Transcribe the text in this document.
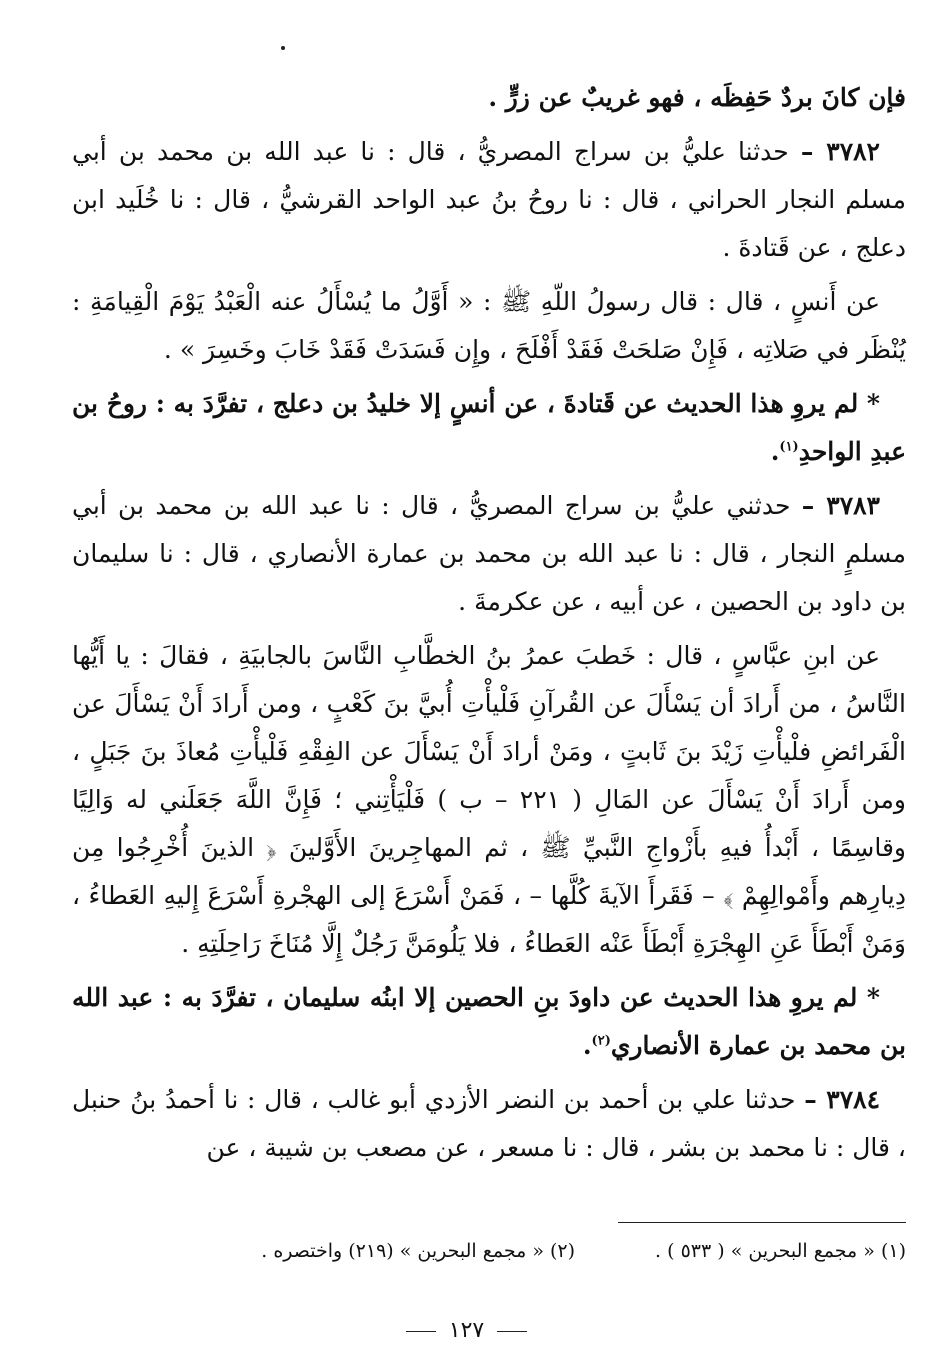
فإن كانَ بردٌ حَفِظَه ، فهو غريبٌ عن زرٍّ .

٣٧٨٢ – حدثنا عليُّ بن سراج المصريُّ ، قال : نا عبد الله بن محمد بن أبي مسلم النجار الحراني ، قال : نا روحُ بنُ عبد الواحد القرشيُّ ، قال : نا خُلَيد ابن دعلج ، عن قَتادةَ .

عن أَنسٍ ، قال : قال رسولُ اللّهِ ﷺ : « أَوَّلُ ما يُسْأَلُ عنه الْعَبْدُ يَوْمَ الْقِيامَةِ : يُنْظَر في صَلاتِه ، فَإِنْ صَلحَتْ فَقَدْ أَفْلَحَ ، وإِن فَسَدَتْ فَقَدْ خَابَ وخَسِرَ » .

* لم يروِ هذا الحديث عن قَتادةَ ، عن أنسٍ إلا خليدُ بن دعلج ، تفرَّدَ به : روحُ بن عبدِ الواحدِ$^{(١)}$.

٣٧٨٣ – حدثني عليُّ بن سراج المصريُّ ، قال : نا عبد الله بن محمد بن أبي مسلمٍ النجار ، قال : نا عبد الله بن محمد بن عمارة الأنصاري ، قال : نا سليمان بن داود بن الحصين ، عن أبيه ، عن عكرمةَ .

عن ابنِ عبَّاسٍ ، قال : خَطبَ عمرُ بنُ الخطَّابِ النَّاسَ بالجابيَةِ ، فقالَ : يا أَيُّها النَّاسُ ، من أَرادَ أن يَسْأَلَ عن القُرآنِ فَلْيأْتِ أُبيَّ بنَ كَعْبٍ ، ومن أَرادَ أَنْ يَسْأَلَ عن الْفَرائضِ فلْيأْتِ زَيْدَ بنَ ثَابتٍ ، ومَنْ أرادَ أَنْ يَسْأَلَ عن الفِقْهِ فَلْيأْتِ مُعاذَ بنَ جَبَلٍ ، ومن أَرادَ أَنْ يَسْأَلَ عن المَالِ ( ٢٢١ – ب ) فَلْيَأْتِني ؛ فَإِنَّ اللَّهَ جَعَلَني له وَالِيًا وقاسِمًا ، أَبْدأُ فيهِ بأَزْواجِ النَّبيِّ ﷺ ، ثم المهاجِرينَ الأَوَّلينَ ﴿ الذينَ أُخْرِجُوا مِن دِيارِهم وأَمْوالِهِمْ ﴾ – فَقَرأَ الآيةَ كُلَّها – ، فَمَنْ أَسْرَعَ إلى الهجْرةِ أَسْرَعَ إِليهِ العَطاءُ ، وَمَنْ أَبْطَأَ عَنِ الهِجْرَةِ أَبْطَأَ عَنْه العَطاءُ ، فلا يَلُومَنَّ رَجُلٌ إِلَّا مُنَاخَ رَاحِلَتِهِ .

* لم يروِ هذا الحديث عن داودَ بنِ الحصين إلا ابنُه سليمان ، تفرَّدَ به : عبد الله بن محمد بن عمارة الأنصاري$^{(٢)}$.

٣٧٨٤ – حدثنا علي بن أحمد بن النضر الأزدي أبو غالب ، قال : نا أحمدُ بنُ حنبل ، قال : نا محمد بن بشر ، قال : نا مسعر ، عن مصعب بن شيبة ، عن

(١) « مجمع البحرين » ( ٥٣٣ ) .
(٢) « مجمع البحرين » (٢١٩) واختصره .
١٢٧
